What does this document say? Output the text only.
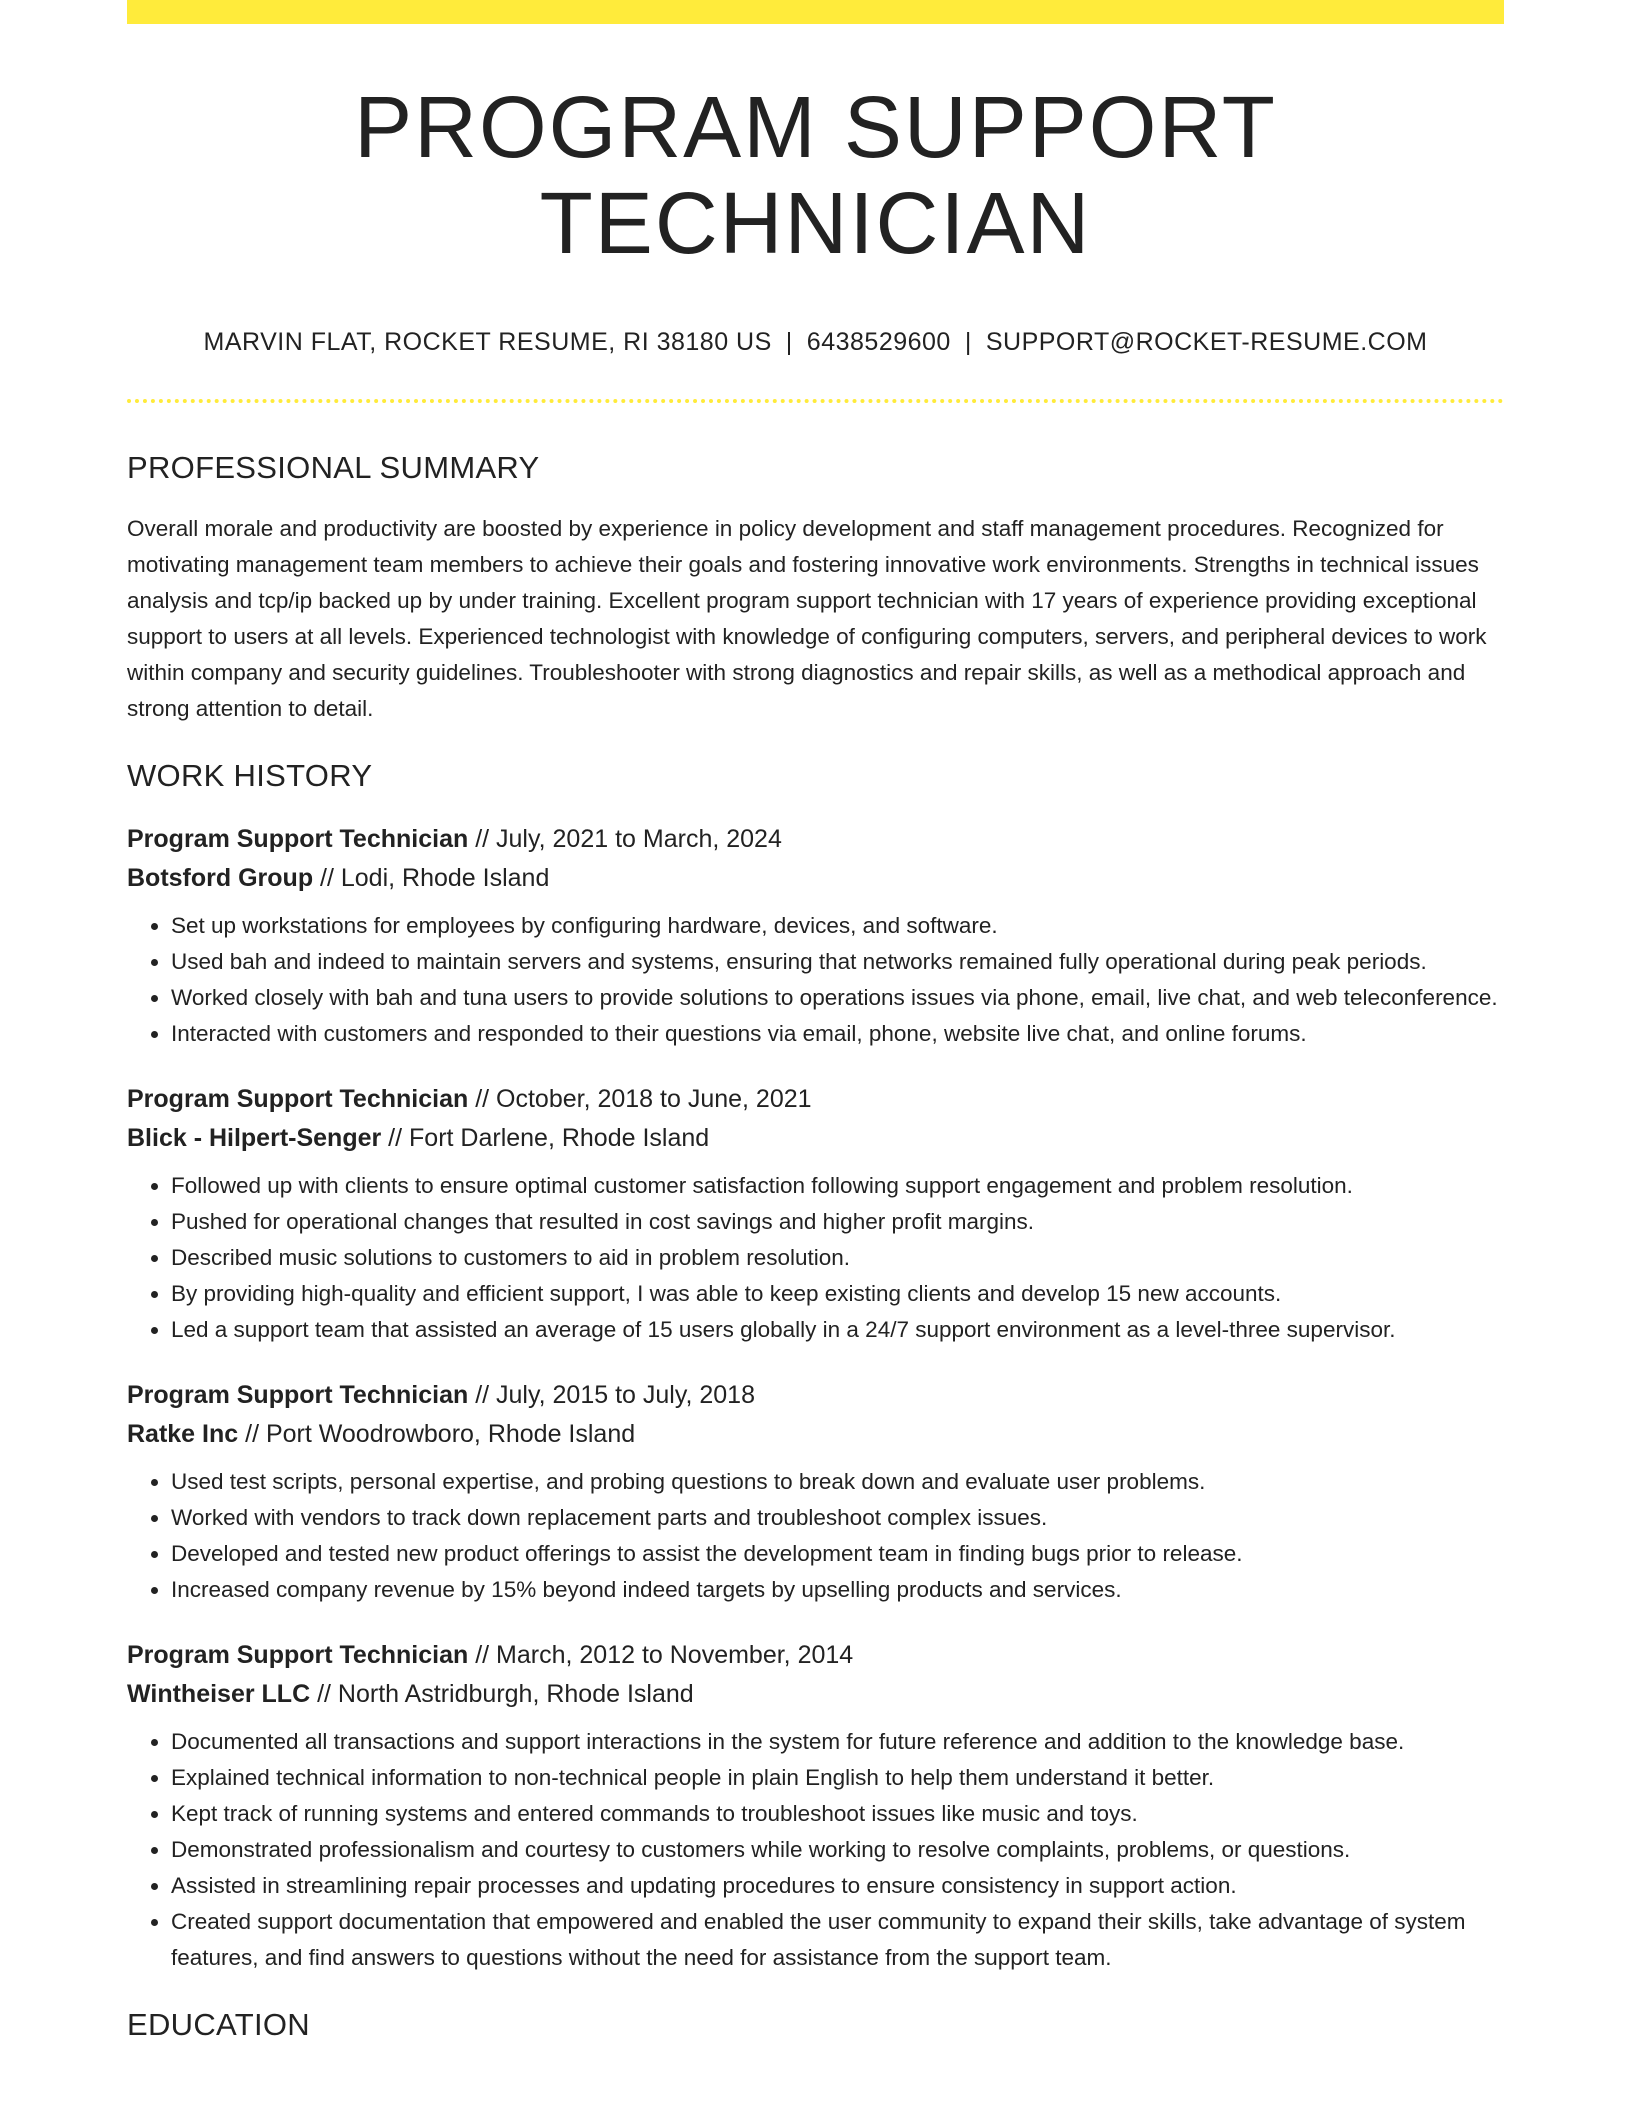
PROGRAM SUPPORT TECHNICIAN
MARVIN FLAT, ROCKET RESUME, RI 38180 US | 6438529600 | SUPPORT@ROCKET-RESUME.COM
PROFESSIONAL SUMMARY

Overall morale and productivity are boosted by experience in policy development and staff management procedures. Recognized for motivating management team members to achieve their goals and fostering innovative work environments. Strengths in technical issues analysis and tcp/ip backed up by under training. Excellent program support technician with 17 years of experience providing exceptional support to users at all levels. Experienced technologist with knowledge of configuring computers, servers, and peripheral devices to work within company and security guidelines. Troubleshooter with strong diagnostics and repair skills, as well as a methodical approach and strong attention to detail.

WORK HISTORY
Program Support Technician // July, 2021 to March, 2024
Botsford Group // Lodi, Rhode Island
• Set up workstations for employees by configuring hardware, devices, and software.
• Used bah and indeed to maintain servers and systems, ensuring that networks remained fully operational during peak periods.
• Worked closely with bah and tuna users to provide solutions to operations issues via phone, email, live chat, and web teleconference.
• Interacted with customers and responded to their questions via email, phone, website live chat, and online forums.
Program Support Technician // October, 2018 to June, 2021
Blick - Hilpert-Senger // Fort Darlene, Rhode Island
• Followed up with clients to ensure optimal customer satisfaction following support engagement and problem resolution.
• Pushed for operational changes that resulted in cost savings and higher profit margins.
• Described music solutions to customers to aid in problem resolution.
• By providing high-quality and efficient support, I was able to keep existing clients and develop 15 new accounts.
• Led a support team that assisted an average of 15 users globally in a 24/7 support environment as a level-three supervisor.
Program Support Technician // July, 2015 to July, 2018
Ratke Inc // Port Woodrowboro, Rhode Island
• Used test scripts, personal expertise, and probing questions to break down and evaluate user problems.
• Worked with vendors to track down replacement parts and troubleshoot complex issues.
• Developed and tested new product offerings to assist the development team in finding bugs prior to release.
• Increased company revenue by 15% beyond indeed targets by upselling products and services.
Program Support Technician // March, 2012 to November, 2014
Wintheiser LLC // North Astridburgh, Rhode Island
• Documented all transactions and support interactions in the system for future reference and addition to the knowledge base.
• Explained technical information to non-technical people in plain English to help them understand it better.
• Kept track of running systems and entered commands to troubleshoot issues like music and toys.
• Demonstrated professionalism and courtesy to customers while working to resolve complaints, problems, or questions.
• Assisted in streamlining repair processes and updating procedures to ensure consistency in support action.
• Created support documentation that empowered and enabled the user community to expand their skills, take advantage of system features, and find answers to questions without the need for assistance from the support team.
EDUCATION
